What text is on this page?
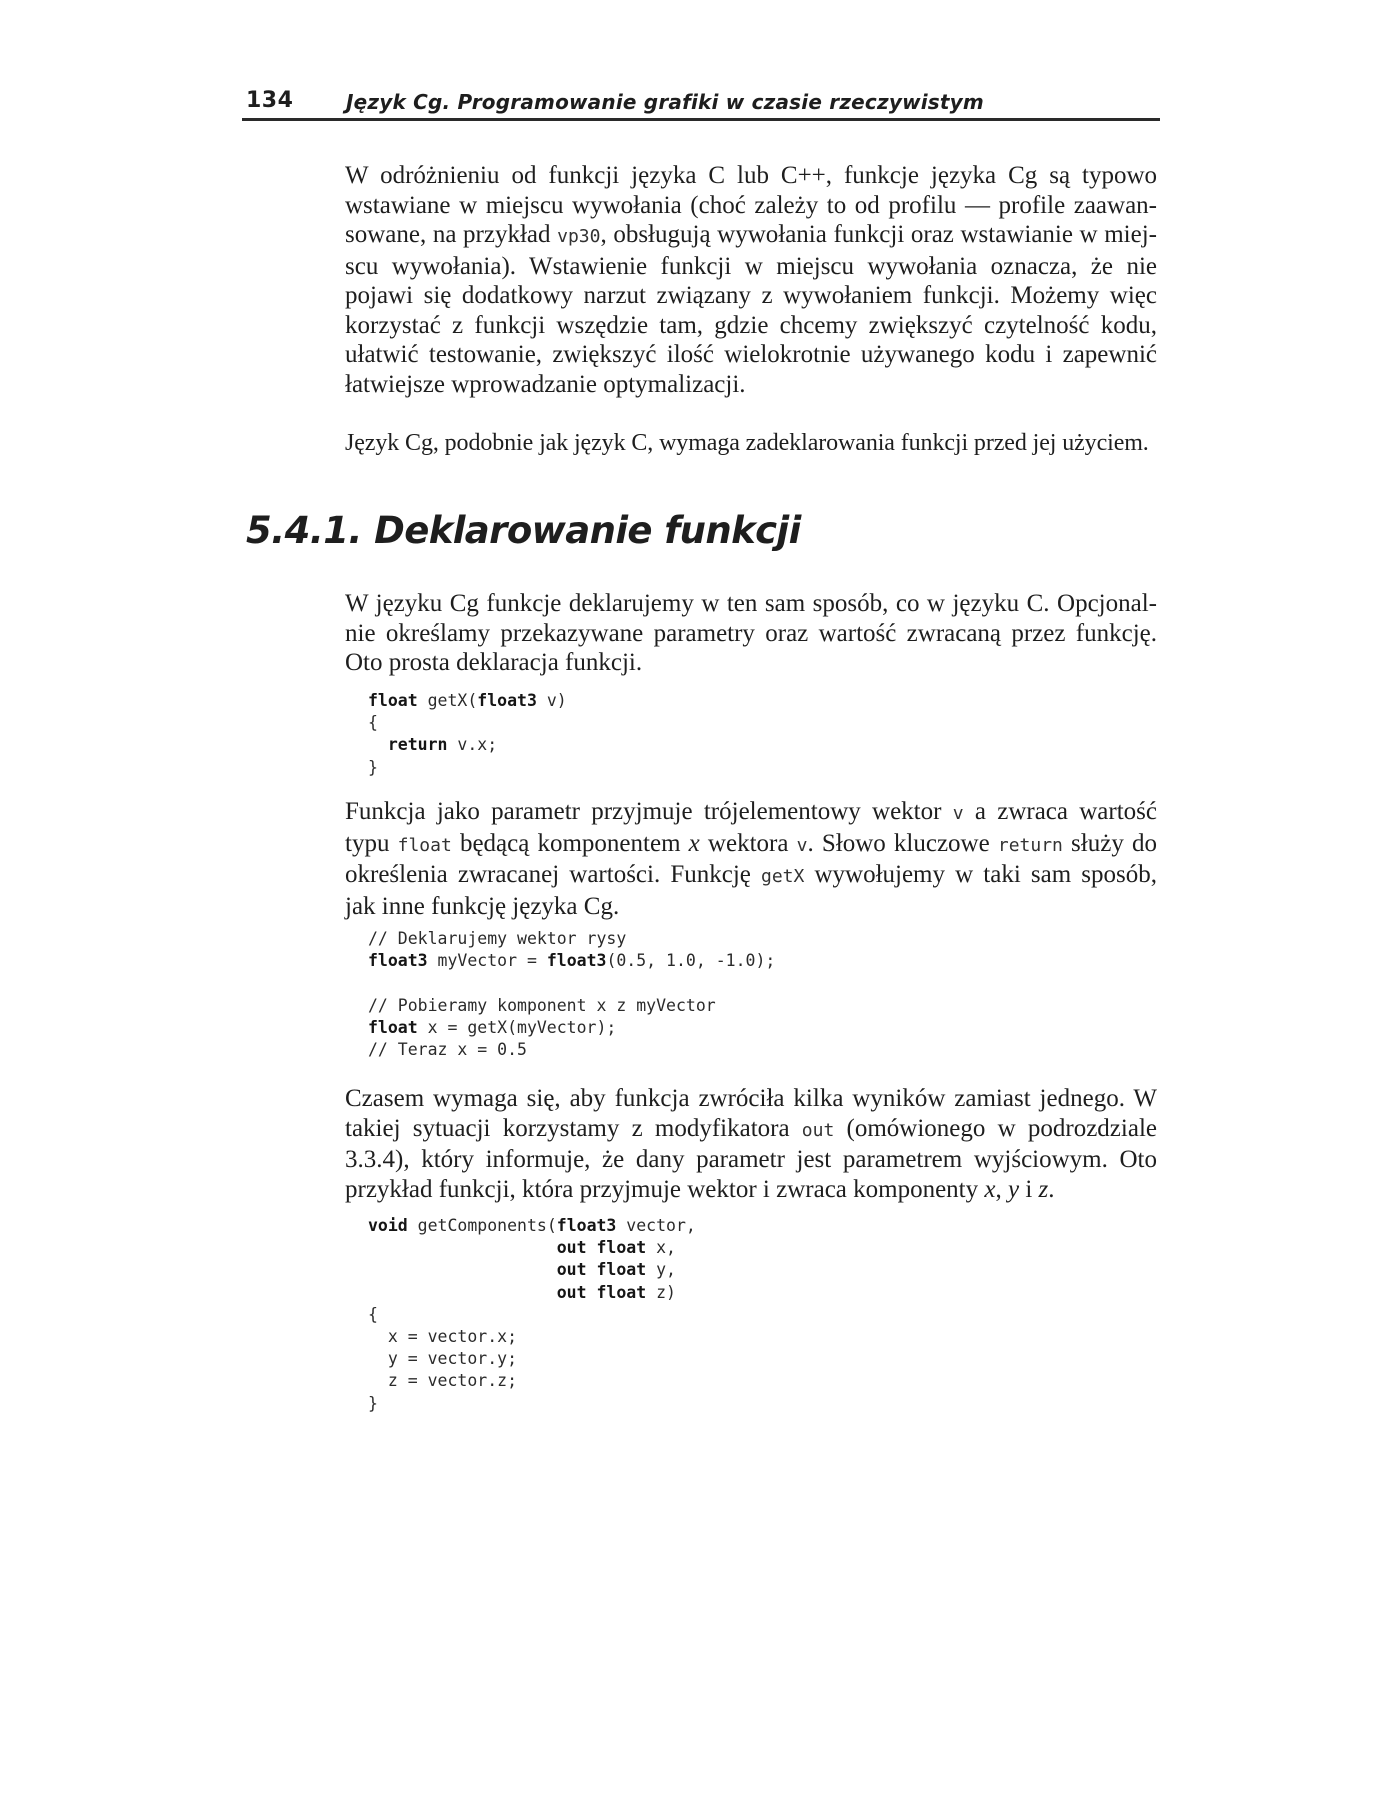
134	Język Cg. Programowanie grafiki w czasie rzeczywistym

W odróżnieniu od funkcji języka C lub C++, funkcje języka Cg są typowo wstawiane w miejscu wywołania (choć zależy to od profilu — profile zaawansowane, na przykład vp30, obsługują wywołania funkcji oraz wstawianie w miejscu wywołania). Wstawienie funkcji w miejscu wywołania oznacza, że nie pojawi się dodatkowy narzut związany z wywołaniem funkcji. Możemy więc korzystać z funkcji wszędzie tam, gdzie chcemy zwiększyć czytelność kodu, ułatwić testowanie, zwiększyć ilość wielokrotnie używanego kodu i zapewnić łatwiejsze wprowadzanie optymalizacji.

Język Cg, podobnie jak język C, wymaga zadeklarowania funkcji przed jej użyciem.

5.4.1. Deklarowanie funkcji

W języku Cg funkcje deklarujemy w ten sam sposób, co w języku C. Opcjonalnie określamy przekazywane parametry oraz wartość zwracaną przez funkcję. Oto prosta deklaracja funkcji.

float getX(float3 v)
{
return v.x;
}

Funkcja jako parametr przyjmuje trójelementowy wektor v a zwraca wartość typu float będącą komponentem x wektora v. Słowo kluczowe return służy do określenia zwracanej wartości. Funkcję getX wywołujemy w taki sam sposób, jak inne funkcję języka Cg.

// Deklarujemy wektor rysy
float3 myVector = float3(0.5, 1.0, -1.0);

// Pobieramy komponent x z myVector
float x = getX(myVector);
// Teraz x = 0.5

Czasem wymaga się, aby funkcja zwróciła kilka wyników zamiast jednego. W takiej sytuacji korzystamy z modyfikatora out (omówionego w podrozdziale 3.3.4), który informuje, że dany parametr jest parametrem wyjściowym. Oto przykład funkcji, która przyjmuje wektor i zwraca komponenty x, y i z.

void getComponents(float3 vector,
out float x,
out float y,
out float z)
{
x = vector.x;
y = vector.y;
z = vector.z;
}
